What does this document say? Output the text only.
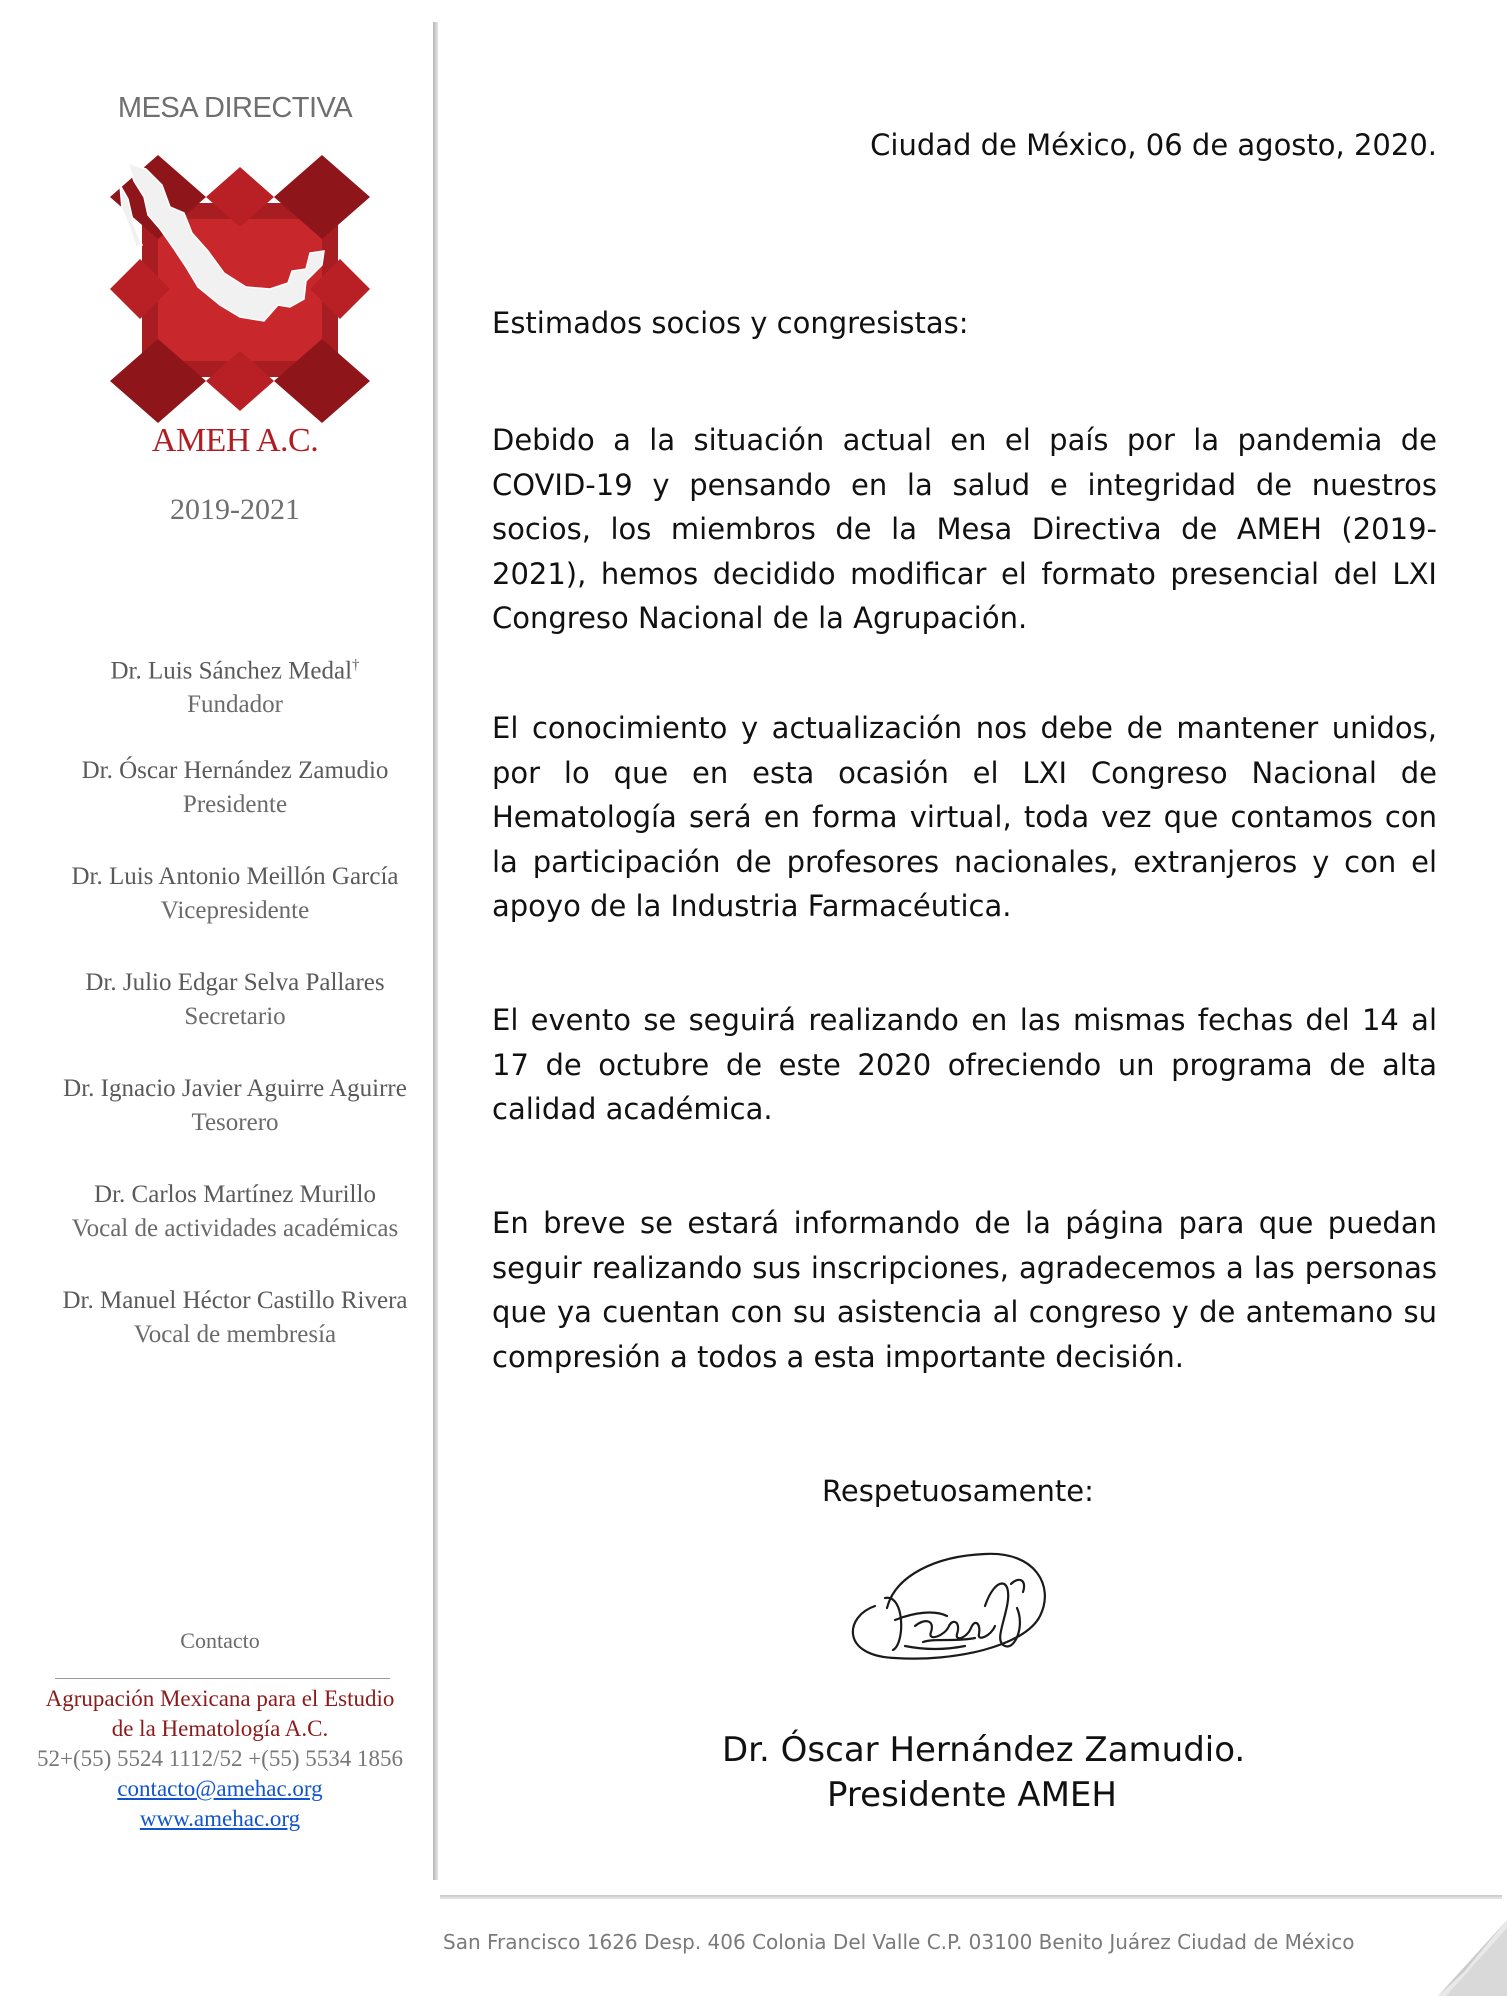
MESA DIRECTIVA
AMEH A.C.
2019-2021
Dr. Luis Sánchez Medal†
Fundador
Dr. Óscar Hernández Zamudio
Presidente
Dr. Luis Antonio Meillón García
Vicepresidente
Dr. Julio Edgar Selva Pallares
Secretario
Dr. Ignacio Javier Aguirre Aguirre
Tesorero
Dr. Carlos Martínez Murillo
Vocal de actividades académicas
Dr. Manuel Héctor Castillo Rivera
Vocal de membresía
Contacto
Agrupación Mexicana para el Estudio
de la Hematología A.C.
52+(55) 5524 1112/52 +(55) 5534 1856
contacto@amehac.org
www.amehac.org
Ciudad de México, 06 de agosto, 2020.
Estimados socios y congresistas:

Debido a la situación actual en el país por la pandemia de COVID-19 y pensando en la salud e integridad de nuestros socios, los miembros de la Mesa Directiva de AMEH (2019-2021), hemos decidido modificar el formato presencial del LXI Congreso Nacional de la Agrupación.

El conocimiento y actualización nos debe de mantener unidos, por lo que en esta ocasión el LXI Congreso Nacional de Hematología será en forma virtual, toda vez que contamos con la participación de profesores nacionales, extranjeros y con el apoyo de la Industria Farmacéutica.

El evento se seguirá realizando en las mismas fechas del 14 al 17 de octubre de este 2020 ofreciendo un programa de alta calidad académica.

En breve se estará informando de la página para que puedan seguir realizando sus inscripciones, agradecemos a las personas que ya cuentan con su asistencia al congreso y de antemano su compresión a todos a esta importante decisión.

Respetuosamente:
Dr. Óscar Hernández Zamudio.
Presidente AMEH
San Francisco 1626 Desp. 406 Colonia Del Valle C.P. 03100 Benito Juárez Ciudad de México
